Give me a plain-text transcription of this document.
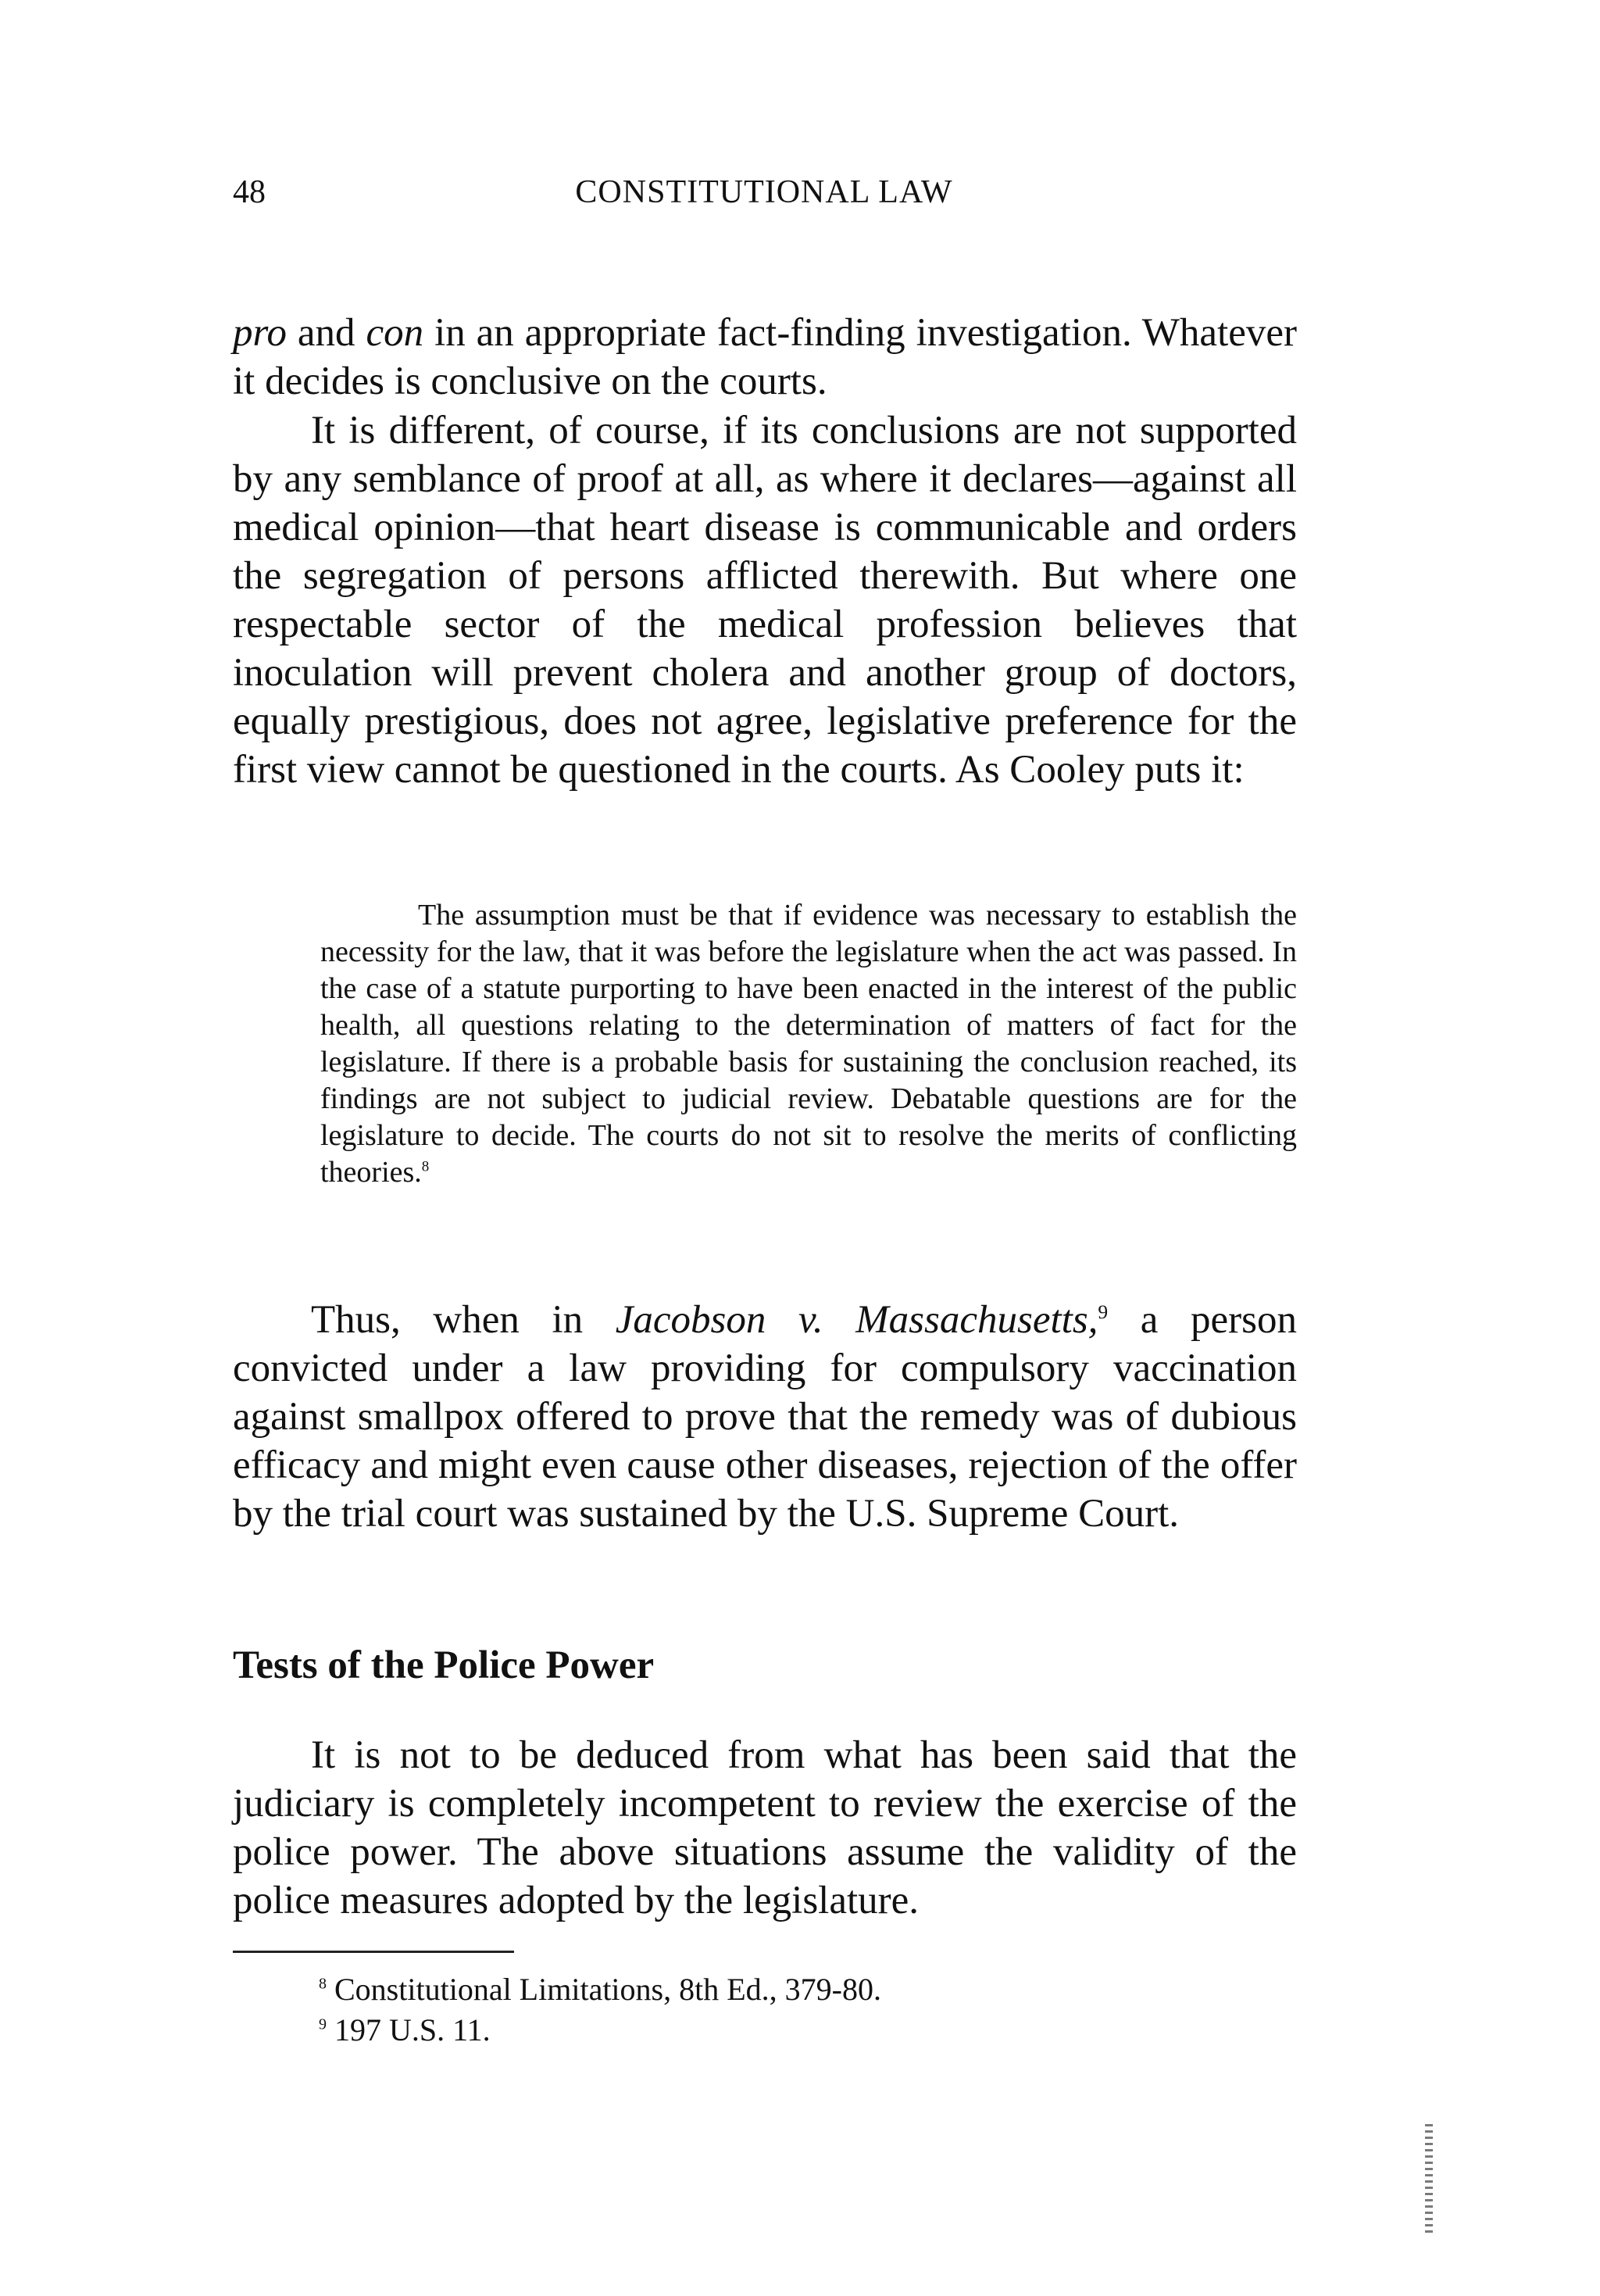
48	CONSTITUTIONAL LAW

pro and con in an appropriate fact-finding investigation. Whatever it decides is conclusive on the courts.

It is different, of course, if its conclusions are not supported by any semblance of proof at all, as where it declares—against all medical opinion—that heart disease is communicable and orders the segregation of persons afflicted therewith. But where one respectable sector of the medical profession believes that inoculation will prevent cholera and another group of doctors, equally prestigious, does not agree, legislative preference for the first view cannot be questioned in the courts. As Cooley puts it:

The assumption must be that if evidence was necessary to establish the necessity for the law, that it was before the legislature when the act was passed. In the case of a statute purporting to have been enacted in the interest of the public health, all questions relating to the determination of matters of fact for the legislature. If there is a probable basis for sustaining the conclusion reached, its findings are not subject to judicial review. Debatable questions are for the legislature to decide. The courts do not sit to resolve the merits of conflicting theories.$^8$

Thus, when in Jacobson v. Massachusetts,$^9$ a person convicted under a law providing for compulsory vaccination against smallpox offered to prove that the remedy was of dubious efficacy and might even cause other diseases, rejection of the offer by the trial court was sustained by the U.S. Supreme Court.

Tests of the Police Power

It is not to be deduced from what has been said that the judiciary is completely incompetent to review the exercise of the police power. The above situations assume the validity of the police measures adopted by the legislature.

$^8$ Constitutional Limitations, 8th Ed., 379-80.
$^9$ 197 U.S. 11.
